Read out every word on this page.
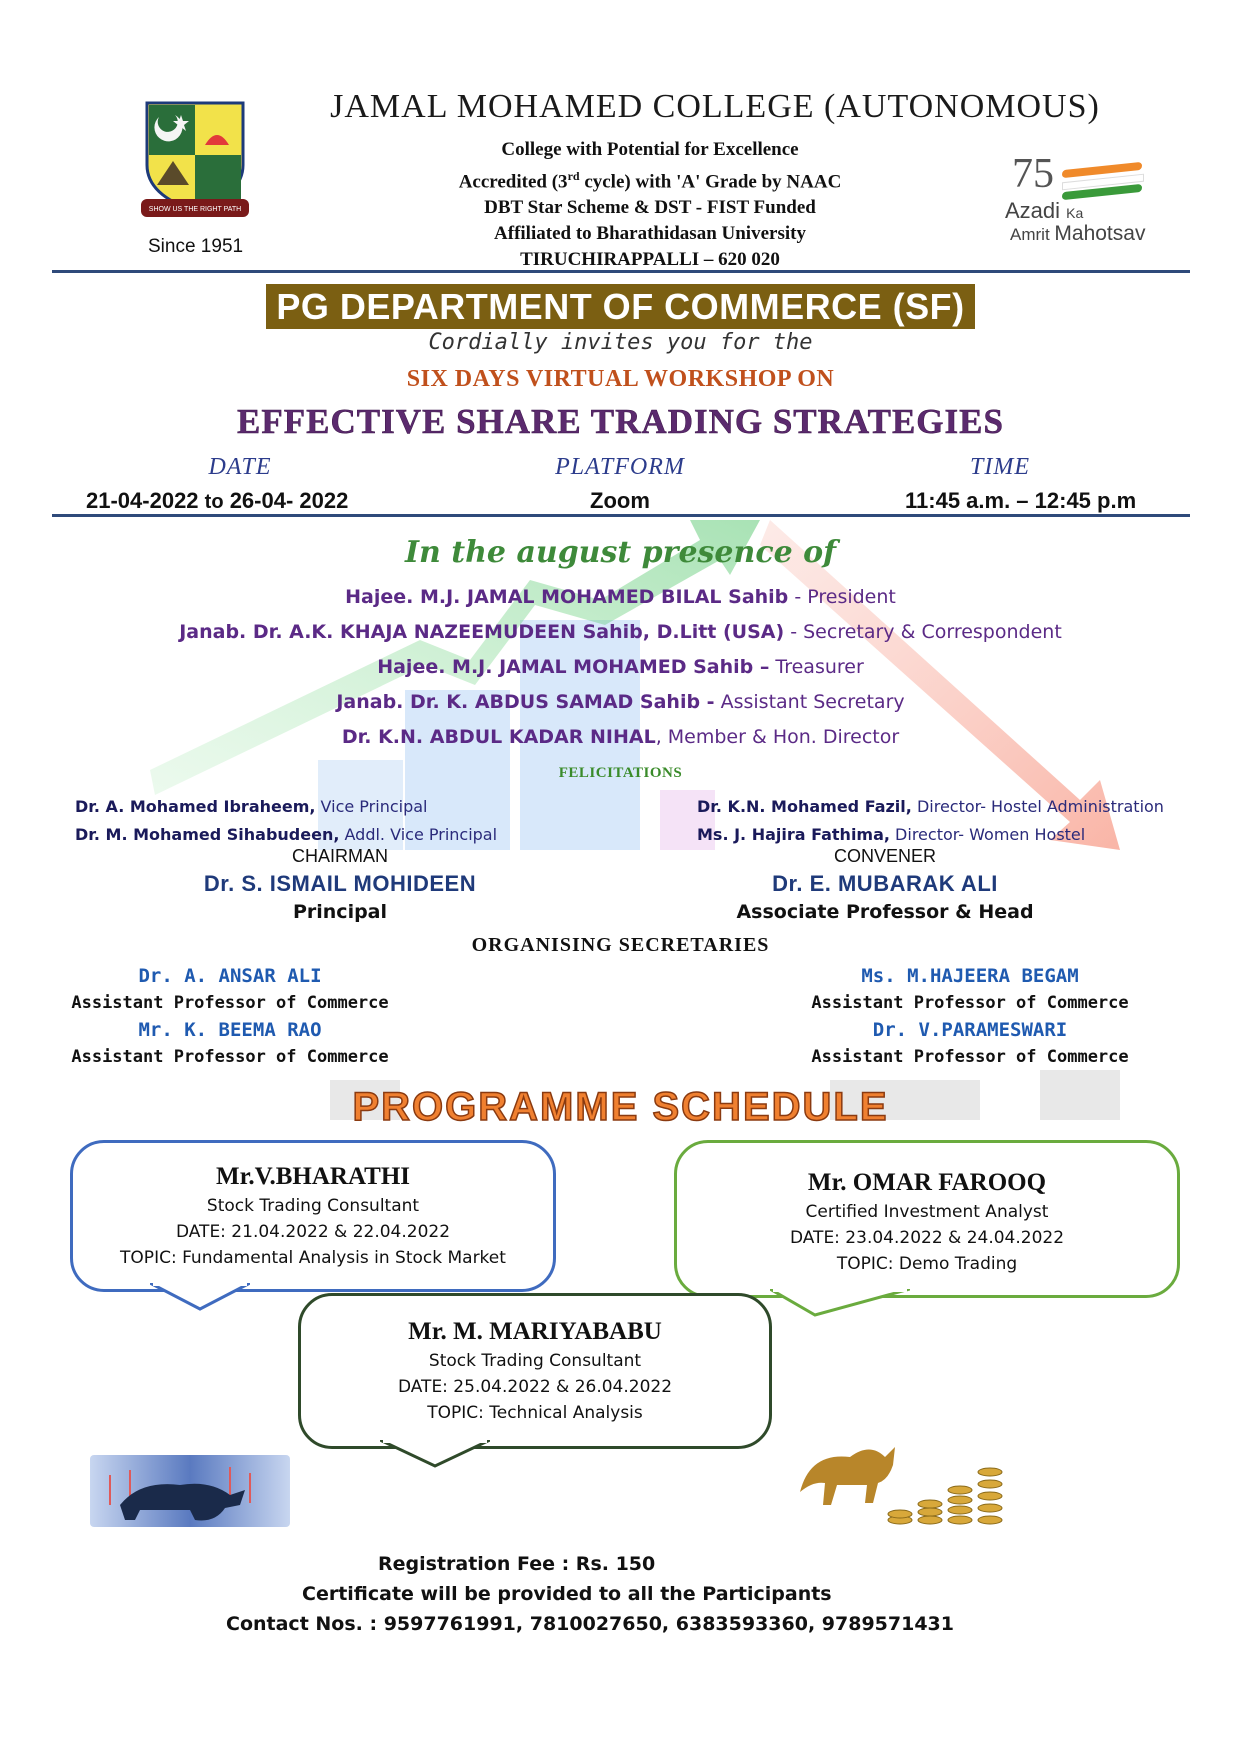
SHOW US THE RIGHT PATH
Since 1951
JAMAL MOHAMED COLLEGE (AUTONOMOUS)
College with Potential for Excellence
Accredited (3rd cycle) with 'A' Grade by NAAC
DBT Star Scheme & DST - FIST Funded
Affiliated to Bharathidasan University
TIRUCHIRAPPALLI – 620 020
75
Azadi Ka
Amrit Mahotsav
PG DEPARTMENT OF COMMERCE (SF)
Cordially invites you for the
SIX DAYS VIRTUAL WORKSHOP ON
EFFECTIVE SHARE TRADING STRATEGIES
DATE	PLATFORM	TIME
21-04-2022 to 26-04- 2022	Zoom	11:45 a.m. – 12:45 p.m
In the august presence of
Hajee. M.J. JAMAL MOHAMED BILAL Sahib - President
Janab. Dr. A.K. KHAJA NAZEEMUDEEN Sahib, D.Litt (USA) - Secretary & Correspondent
Hajee. M.J. JAMAL MOHAMED Sahib – Treasurer
Janab. Dr. K. ABDUS SAMAD Sahib - Assistant Secretary
Dr. K.N. ABDUL KADAR NIHAL, Member & Hon. Director
FELICITATIONS
Dr. A. Mohamed Ibraheem, Vice Principal
Dr. M. Mohamed Sihabudeen, Addl. Vice Principal
Dr. K.N. Mohamed Fazil, Director- Hostel Administration
Ms. J. Hajira Fathima, Director- Women Hostel
CHAIRMAN
Dr. S. ISMAIL MOHIDEEN
Principal
CONVENER
Dr. E. MUBARAK ALI
Associate Professor & Head
ORGANISING SECRETARIES
Dr. A. ANSAR ALI
Assistant Professor of Commerce
Mr. K. BEEMA RAO
Assistant Professor of Commerce
Ms. M.HAJEERA BEGAM
Assistant Professor of Commerce
Dr. V.PARAMESWARI
Assistant Professor of Commerce
PROGRAMME SCHEDULE
Mr.V.BHARATHI
Stock Trading Consultant
DATE: 21.04.2022 & 22.04.2022
TOPIC: Fundamental Analysis in Stock Market
Mr. OMAR FAROOQ
Certified Investment Analyst
DATE: 23.04.2022 & 24.04.2022
TOPIC: Demo Trading
Mr. M. MARIYABABU
Stock Trading Consultant
DATE: 25.04.2022 & 26.04.2022
TOPIC: Technical Analysis
Registration Fee : Rs. 150
Certificate will be provided to all the Participants
Contact Nos. : 9597761991, 7810027650, 6383593360, 9789571431
